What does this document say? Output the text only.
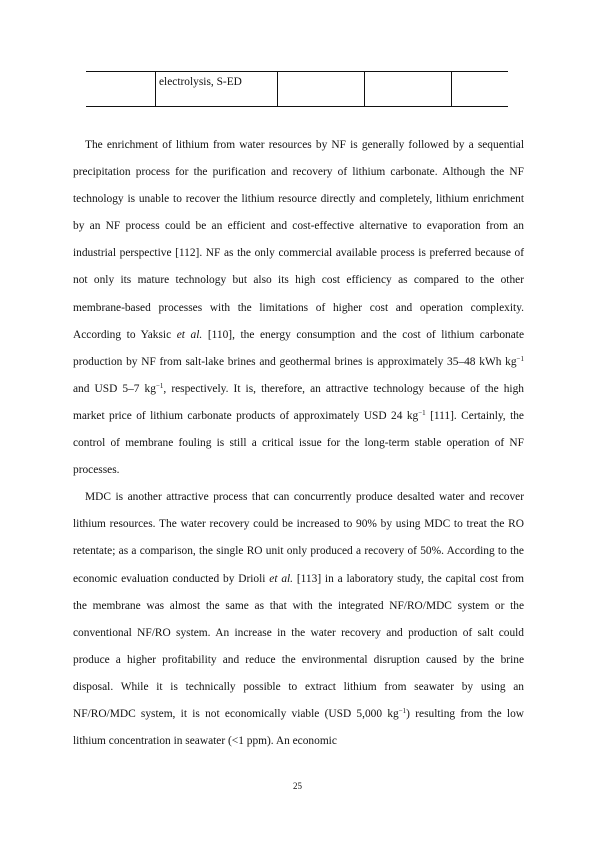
	electrolysis, S-ED			

The enrichment of lithium from water resources by NF is generally followed by a sequential precipitation process for the purification and recovery of lithium carbonate. Although the NF technology is unable to recover the lithium resource directly and completely, lithium enrichment by an NF process could be an efficient and cost-effective alternative to evaporation from an industrial perspective [112]. NF as the only commercial available process is preferred because of not only its mature technology but also its high cost efficiency as compared to the other membrane-based processes with the limitations of higher cost and operation complexity. According to Yaksic et al. [110], the energy consumption and the cost of lithium carbonate production by NF from salt-lake brines and geothermal brines is approximately 35–48 kWh $kg^{-1}$ and USD 5–7 $kg^{-1}$, respectively. It is, therefore, an attractive technology because of the high market price of lithium carbonate products of approximately USD 24 $kg^{-1}$ [111]. Certainly, the control of membrane fouling is still a critical issue for the long-term stable operation of NF processes.

MDC is another attractive process that can concurrently produce desalted water and recover lithium resources. The water recovery could be increased to 90% by using MDC to treat the RO retentate; as a comparison, the single RO unit only produced a recovery of 50%. According to the economic evaluation conducted by Drioli et al. [113] in a laboratory study, the capital cost from the membrane was almost the same as that with the integrated NF/RO/MDC system or the conventional NF/RO system. An increase in the water recovery and production of salt could produce a higher profitability and reduce the environmental disruption caused by the brine disposal. While it is technically possible to extract lithium from seawater by using an NF/RO/MDC system, it is not economically viable (USD 5,000 $kg^{-1}$) resulting from the low lithium concentration in seawater (<1 ppm). An economic

25
